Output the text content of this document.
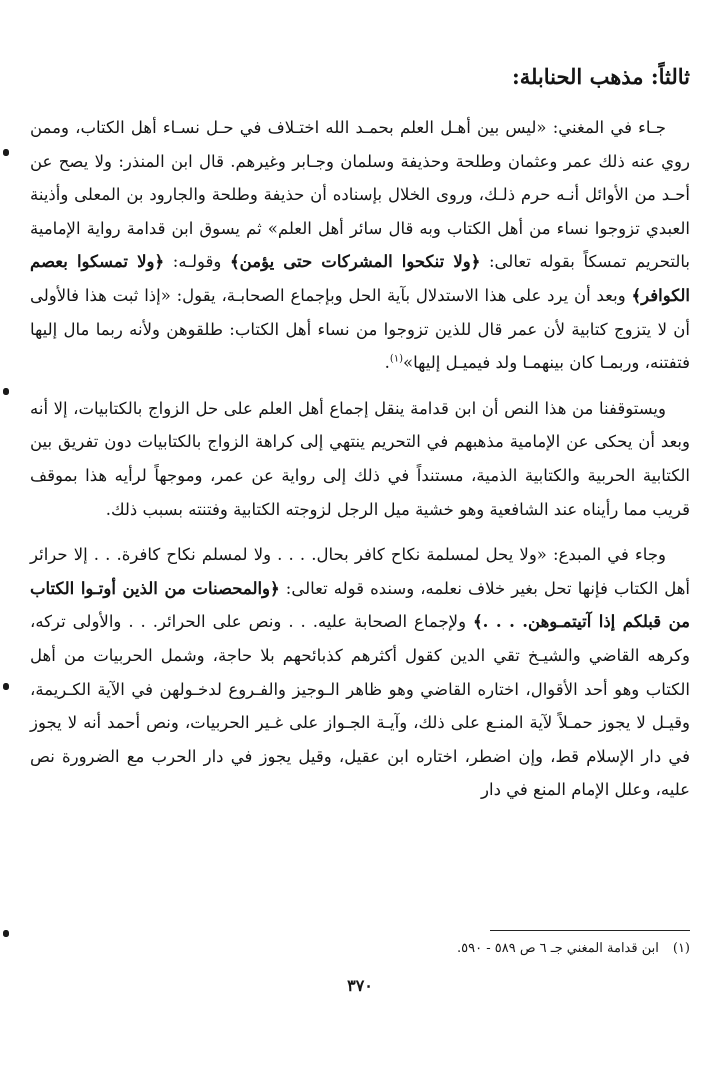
ثالثاً: مذهب الحنابلة:

جـاء في المغني: «ليس بين أهـل العلم بحمـد الله اختـلاف في حـل نسـاء أهل الكتاب، وممن روي عنه ذلك عمر وعثمان وطلحة وحذيفة وسلمان وجـابر وغيرهم. قال ابن المنذر: ولا يصح عن أحـد من الأوائل أنـه حرم ذلـك، وروى الخلال بإسناده أن حذيفة وطلحة والجارود بن المعلى وأذينة العبدي تزوجوا نساء من أهل الكتاب وبه قال سائر أهل العلم» ثم يسوق ابن قدامة رواية الإمامية بالتحريم تمسكاً بقوله تعالى: ﴿ولا تنكحوا المشركات حتى يؤمن﴾ وقولـه: ﴿ولا تمسكوا بعصم الكوافر﴾ وبعد أن يرد على هذا الاستدلال بآية الحل وبإجماع الصحابـة، يقول: «إذا ثبت هذا فالأولى أن لا يتزوج كتابية لأن عمر قال للذين تزوجوا من نساء أهل الكتاب: طلقوهن ولأنه ربما مال إليها فتفتنه، وربمـا كان بينهمـا ولد فيميـل إليها»$^{(١)}$.

ويستوقفنا من هذا النص أن ابن قدامة ينقل إجماع أهل العلم على حل الزواج بالكتابيات، إلا أنه وبعد أن يحكى عن الإمامية مذهبهم في التحريم ينتهي إلى كراهة الزواج بالكتابيات دون تفريق بين الكتابية الحربية والكتابية الذمية، مستنداً في ذلك إلى رواية عن عمر، وموجهاً لرأيه هذا بموقف قريب مما رأيناه عند الشافعية وهو خشية ميل الرجل لزوجته الكتابية وفتنته بسبب ذلك.

وجاء في المبدع: «ولا يحل لمسلمة نكاح كافر بحال. . . . ولا لمسلم نكاح كافرة. . . إلا حرائر أهل الكتاب فإنها تحل بغير خلاف نعلمه، وسنده قوله تعالى: ﴿والمحصنات من الذين أوتـوا الكتاب من قبلكم إذا آتيتمـوهن. . . .﴾ ولإجماع الصحابة عليه. . . ونص على الحرائر. . . والأولى تركه، وكرهه القاضي والشيـخ تقي الدين كقول أكثرهم كذبائحهم بلا حاجة، وشمل الحربيات من أهل الكتاب وهو أحد الأقوال، اختاره القاضي وهو ظاهر الـوجيز والفـروع لدخـولهن في الآية الكـريمة، وقيـل لا يجوز حمـلاً لآية المنـع على ذلك، وآيـة الجـواز على غـير الحربيات، ونص أحمد أنه لا يجوز في دار الإسلام قط، وإن اضطر، اختاره ابن عقيل، وقيل يجوز في دار الحرب مع الضرورة نص عليه، وعلل الإمام المنع في دار

(١)ابن قدامة المغني جـ ٦ ص ٥٨٩ - ٥٩٠.
٣٧٠
